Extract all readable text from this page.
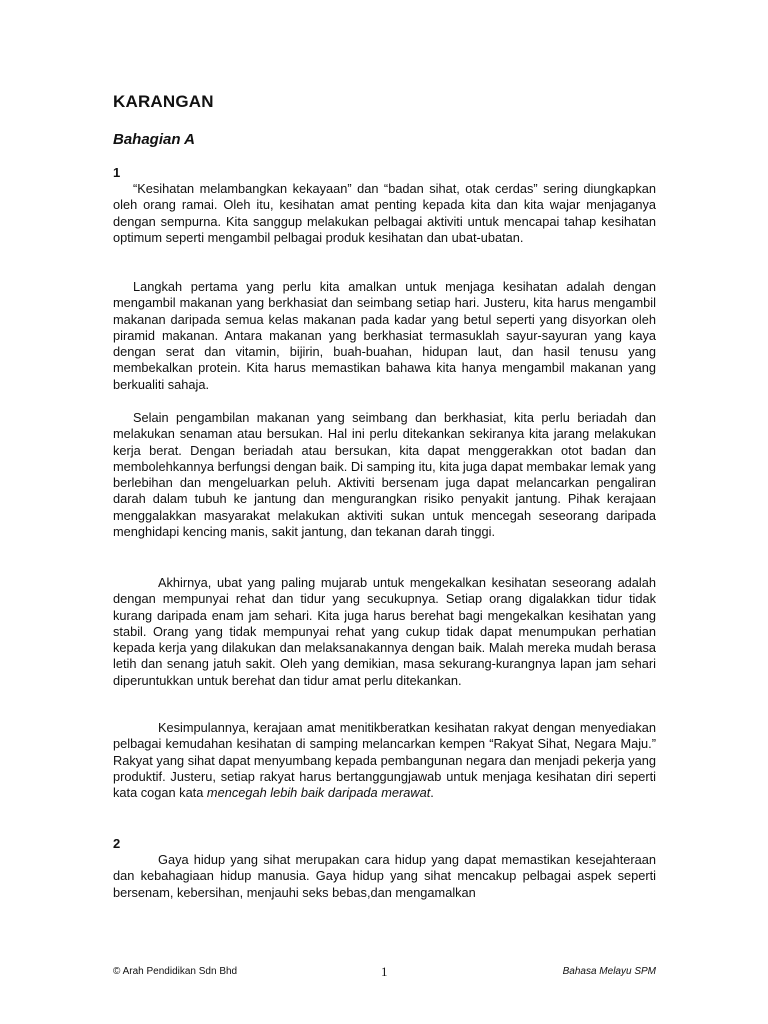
KARANGAN
Bahagian A
1

“Kesihatan melambangkan kekayaan” dan “badan sihat, otak cerdas” sering diungkapkan oleh orang ramai. Oleh itu, kesihatan amat penting kepada kita dan kita wajar menjaganya dengan sempurna. Kita sanggup melakukan pelbagai aktiviti untuk mencapai tahap kesihatan optimum seperti mengambil pelbagai produk kesihatan dan ubat-ubatan.

Langkah pertama yang perlu kita amalkan untuk menjaga kesihatan adalah dengan mengambil makanan yang berkhasiat dan seimbang setiap hari. Justeru, kita harus mengambil makanan daripada semua kelas makanan pada kadar yang betul seperti yang disyorkan oleh piramid makanan. Antara makanan yang berkhasiat termasuklah sayur-sayuran yang kaya dengan serat dan vitamin, bijirin, buah-buahan, hidupan laut, dan hasil tenusu yang membekalkan protein. Kita harus memastikan bahawa kita hanya mengambil makanan yang berkualiti sahaja.

Selain pengambilan makanan yang seimbang dan berkhasiat, kita perlu beriadah dan melakukan senaman atau bersukan. Hal ini perlu ditekankan sekiranya kita jarang melakukan kerja berat. Dengan beriadah atau bersukan, kita dapat menggerakkan otot badan dan membolehkannya berfungsi dengan baik. Di samping itu, kita juga dapat membakar lemak yang berlebihan dan mengeluarkan peluh. Aktiviti bersenam juga dapat melancarkan pengaliran darah dalam tubuh ke jantung dan mengurangkan risiko penyakit jantung. Pihak kerajaan menggalakkan masyarakat melakukan aktiviti sukan untuk mencegah seseorang daripada menghidapi kencing manis, sakit jantung, dan tekanan darah tinggi.

Akhirnya, ubat yang paling mujarab untuk mengekalkan kesihatan seseorang adalah dengan mempunyai rehat dan tidur yang secukupnya. Setiap orang digalakkan tidur tidak kurang daripada enam jam sehari. Kita juga harus berehat bagi mengekalkan kesihatan yang stabil. Orang yang tidak mempunyai rehat yang cukup tidak dapat menumpukan perhatian kepada kerja yang dilakukan dan melaksanakannya dengan baik. Malah mereka mudah berasa letih dan senang jatuh sakit. Oleh yang demikian, masa sekurang-kurangnya lapan jam sehari diperuntukkan untuk berehat dan tidur amat perlu ditekankan.

Kesimpulannya, kerajaan amat menitikberatkan kesihatan rakyat dengan menyediakan pelbagai kemudahan kesihatan di samping melancarkan kempen “Rakyat Sihat, Negara Maju.” Rakyat yang sihat dapat menyumbang kepada pembangunan negara dan menjadi pekerja yang produktif. Justeru, setiap rakyat harus bertanggungjawab untuk menjaga kesihatan diri seperti kata cogan kata mencegah lebih baik daripada merawat.

2

Gaya hidup yang sihat merupakan cara hidup yang dapat memastikan kesejahteraan dan kebahagiaan hidup manusia. Gaya hidup yang sihat mencakup pelbagai aspek seperti bersenam, kebersihan, menjauhi seks bebas,dan mengamalkan

© Arah Pendidikan Sdn Bhd	1	Bahasa Melayu SPM
